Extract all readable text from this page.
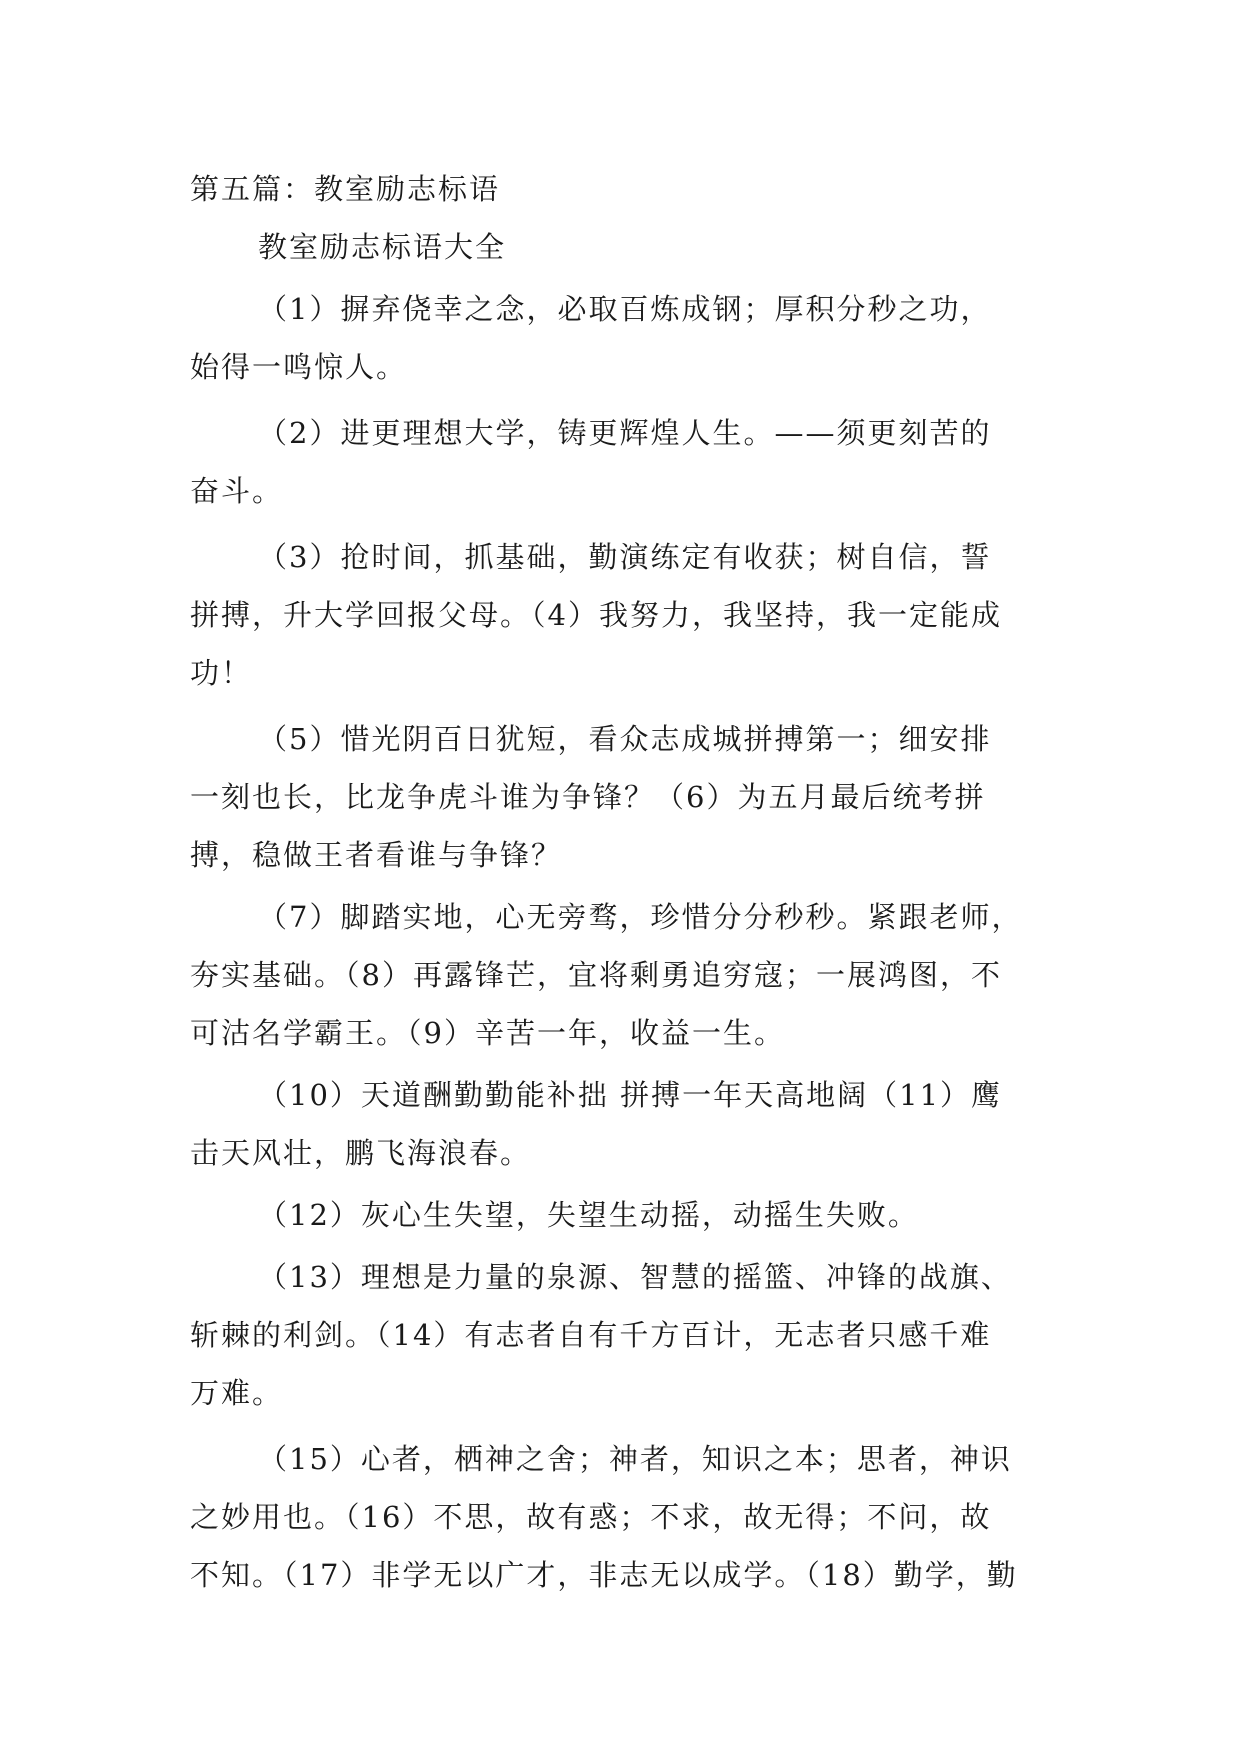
第五篇：教室励志标语
教室励志标语大全
（1）摒弃侥幸之念，必取百炼成钢；厚积分秒之功，
始得一鸣惊人。
（2）进更理想大学，铸更辉煌人生。——须更刻苦的
奋斗。
（3）抢时间，抓基础，勤演练定有收获；树自信，誓
拼搏，升大学回报父母。（4）我努力，我坚持，我一定能成
功！
（5）惜光阴百日犹短，看众志成城拼搏第一；细安排
一刻也长，比龙争虎斗谁为争锋？（6）为五月最后统考拼
搏，稳做王者看谁与争锋？
（7）脚踏实地，心无旁骛，珍惜分分秒秒。紧跟老师，
夯实基础。（8）再露锋芒，宜将剩勇追穷寇；一展鸿图，不
可沽名学霸王。（9）辛苦一年，收益一生。
（10）天道酬勤勤能补拙 拼搏一年天高地阔（11）鹰
击天风壮，鹏飞海浪春。
（12）灰心生失望，失望生动摇，动摇生失败。
（13）理想是力量的泉源、智慧的摇篮、冲锋的战旗、
斩棘的利剑。（14）有志者自有千方百计，无志者只感千难
万难。
（15）心者，栖神之舍；神者，知识之本；思者，神识
之妙用也。（16）不思，故有惑；不求，故无得；不问，故
不知。（17）非学无以广才，非志无以成学。（18）勤学，勤
